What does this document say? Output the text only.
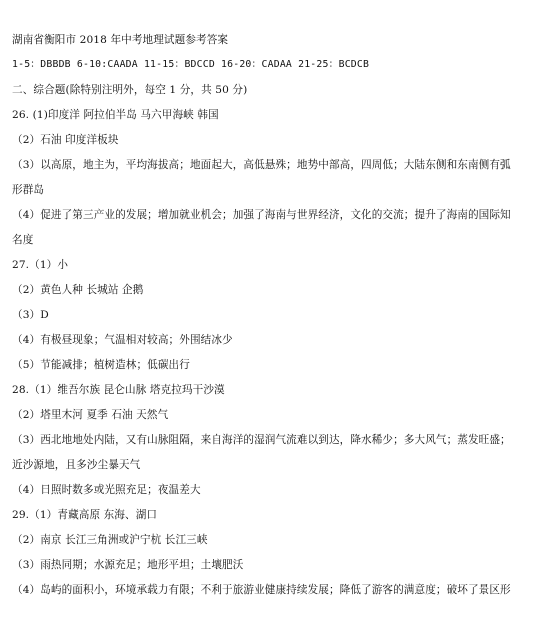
湖南省衡阳市 2018 年中考地理试题参考答案
1-5：DBBDB 6-10:CAADA 11-15：BDCCD 16-20：CADAA 21-25：BCDCB
二、综合题(除特别注明外，每空 1 分，共 50 分)
26. (1)印度洋 阿拉伯半岛 马六甲海峡 韩国
（2）石油 印度洋板块
（3）以高原，地主为，平均海拔高；地面起大，高低悬殊；地势中部高，四周低；大陆东侧和东南侧有弧
形群岛
（4）促进了第三产业的发展；增加就业机会；加强了海南与世界经济，文化的交流；提升了海南的国际知
名度
27.（1）小
（2）黄色人种 长城站 企鹅
（3）D
（4）有极昼现象；气温相对较高；外围结冰少
（5）节能减排；植树造林；低碳出行
28.（1）维吾尔族 昆仑山脉 塔克拉玛干沙漠
（2）塔里木河 夏季 石油 天然气
（3）西北地地处内陆，又有山脉阻隔，来自海洋的湿润气流难以到达，降水稀少；多大风气；蒸发旺盛；
近沙源地，且多沙尘暴天气
（4）日照时数多或光照充足；夜温差大
29.（1）青藏高原 东海、湖口
（2）南京 长江三角洲或沪宁杭 长江三峡
（3）雨热同期；水源充足；地形平坦；土壤肥沃
（4）岛屿的面积小，环境承载力有限；不利于旅游业健康持续发展；降低了游客的满意度；破坏了景区形
